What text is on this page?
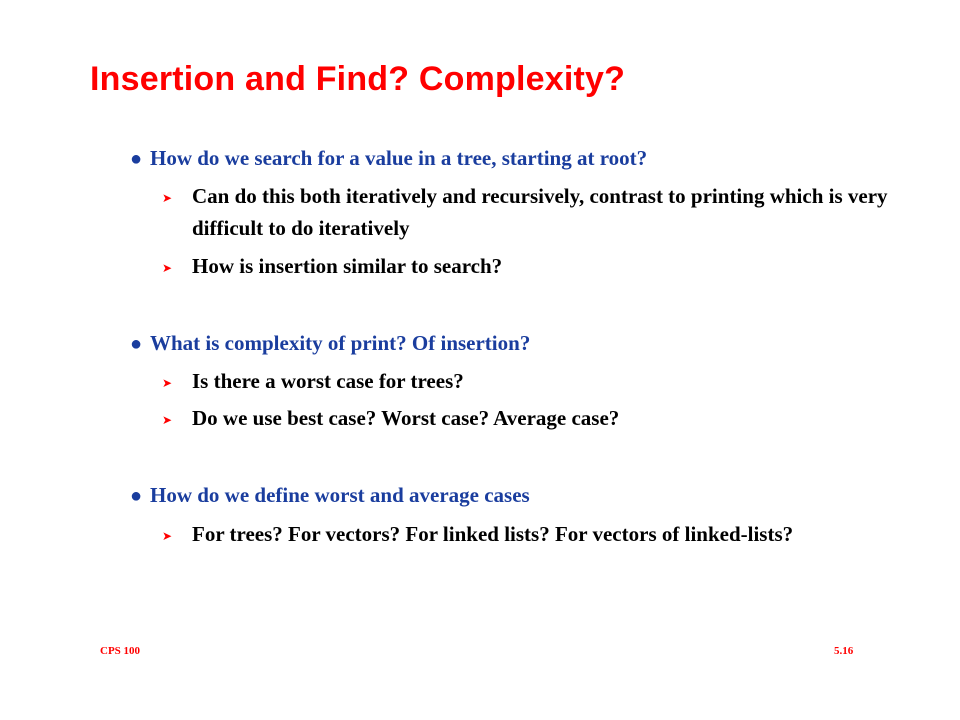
Insertion and Find? Complexity?
● How do we search for a value in a tree, starting at root?
➤ Can do this both iteratively and recursively, contrast to printing which is very difficult to do iteratively
➤ How is insertion similar to search?
● What is complexity of print? Of insertion?
➤ Is there a worst case for trees?
➤ Do we use best case? Worst case? Average case?
● How do we define worst and average cases
➤ For trees? For vectors? For linked lists? For vectors of linked-lists?
CPS 100	5.16
